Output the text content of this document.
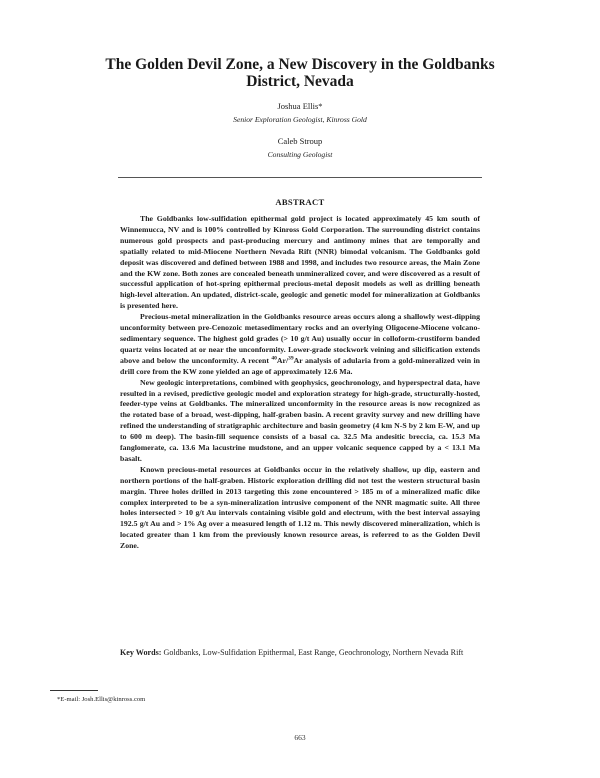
The Golden Devil Zone, a New Discovery in the Goldbanks District, Nevada
Joshua Ellis*
Senior Exploration Geologist, Kinross Gold
Caleb Stroup
Consulting Geologist
ABSTRACT

The Goldbanks low-sulfidation epithermal gold project is located approximately 45 km south of Winnemucca, NV and is 100% controlled by Kinross Gold Corporation. The surrounding district contains numerous gold prospects and past-producing mercury and antimony mines that are temporally and spatially related to mid-Miocene Northern Nevada Rift (NNR) bimodal volcanism. The Goldbanks gold deposit was discovered and defined between 1988 and 1998, and includes two resource areas, the Main Zone and the KW zone. Both zones are concealed beneath unmineralized cover, and were discovered as a result of successful application of hot-spring epithermal precious-metal deposit models as well as drilling beneath high-level alteration. An updated, district-scale, geologic and genetic model for mineralization at Goldbanks is presented here.

Precious-metal mineralization in the Goldbanks resource areas occurs along a shallowly west-dipping unconformity between pre-Cenozoic metasedimentary rocks and an overlying Oligocene-Miocene volcano-sedimentary sequence. The highest gold grades (> 10 g/t Au) usually occur in colloform-crustiform banded quartz veins located at or near the unconformity. Lower-grade stockwork veining and silicification extends above and below the unconformity. A recent $^{40}$Ar/$^{39}$Ar analysis of adularia from a gold-mineralized vein in drill core from the KW zone yielded an age of approximately 12.6 Ma.

New geologic interpretations, combined with geophysics, geochronology, and hyperspectral data, have resulted in a revised, predictive geologic model and exploration strategy for high-grade, structurally-hosted, feeder-type veins at Goldbanks. The mineralized unconformity in the resource areas is now recognized as the rotated base of a broad, west-dipping, half-graben basin. A recent gravity survey and new drilling have refined the understanding of stratigraphic architecture and basin geometry (4 km N-S by 2 km E-W, and up to 600 m deep). The basin-fill sequence consists of a basal ca. 32.5 Ma andesitic breccia, ca. 15.3 Ma fanglomerate, ca. 13.6 Ma lacustrine mudstone, and an upper volcanic sequence capped by a < 13.1 Ma basalt.

Known precious-metal resources at Goldbanks occur in the relatively shallow, up dip, eastern and northern portions of the half-graben. Historic exploration drilling did not test the western structural basin margin. Three holes drilled in 2013 targeting this zone encountered > 185 m of a mineralized mafic dike complex interpreted to be a syn-mineralization intrusive component of the NNR magmatic suite. All three holes intersected > 10 g/t Au intervals containing visible gold and electrum, with the best interval assaying 192.5 g/t Au and > 1% Ag over a measured length of 1.12 m. This newly discovered mineralization, which is located greater than 1 km from the previously known resource areas, is referred to as the Golden Devil Zone.

Key Words: Goldbanks, Low-Sulfidation Epithermal, East Range, Geochronology, Northern Nevada Rift
*E-mail: Josh.Ellis@kinross.com
663
